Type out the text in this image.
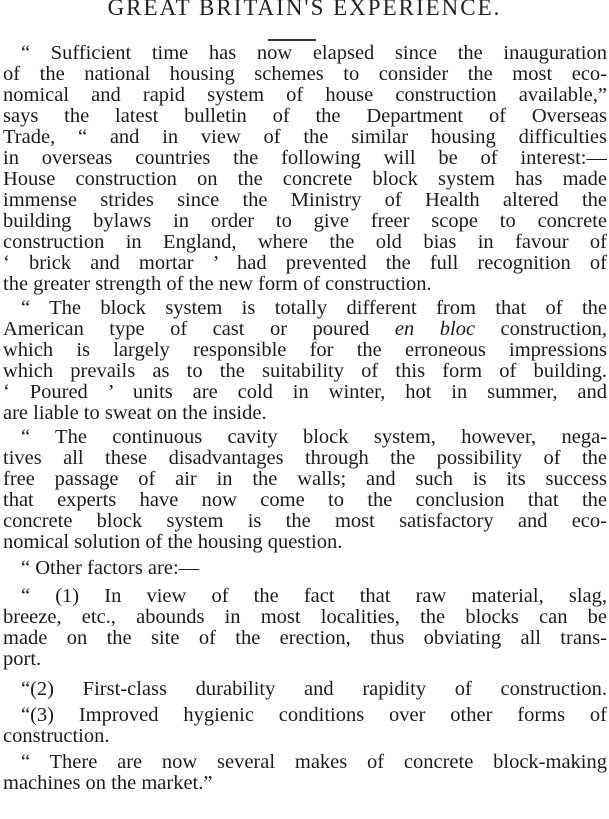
GREAT BRITAIN'S EXPERIENCE.
“ Sufficient time has now elapsed since the inauguration
of the national housing schemes to consider the most eco-
nomical and rapid system of house construction available,”
says the latest bulletin of the Department of Overseas
Trade, “ and in view of the similar housing difficulties
in overseas countries the following will be of interest:—
House construction on the concrete block system has made
immense strides since the Ministry of Health altered the
building bylaws in order to give freer scope to concrete
construction in England, where the old bias in favour of
‘ brick and mortar ’ had prevented the full recognition of
the greater strength of the new form of construction.
“ The block system is totally different from that of the
American type of cast or poured en bloc construction,
which is largely responsible for the erroneous impressions
which prevails as to the suitability of this form of building.
‘ Poured ’ units are cold in winter, hot in summer, and
are liable to sweat on the inside.
“ The continuous cavity block system, however, nega-
tives all these disadvantages through the possibility of the
free passage of air in the walls; and such is its success
that experts have now come to the conclusion that the
concrete block system is the most satisfactory and eco-
nomical solution of the housing question.
“ Other factors are:—
“ (1) In view of the fact that raw material, slag,
breeze, etc., abounds in most localities, the blocks can be
made on the site of the erection, thus obviating all trans-
port.
“(2) First-class durability and rapidity of construction.
“(3) Improved hygienic conditions over other forms of
construction.
“ There are now several makes of concrete block-making
machines on the market.”
